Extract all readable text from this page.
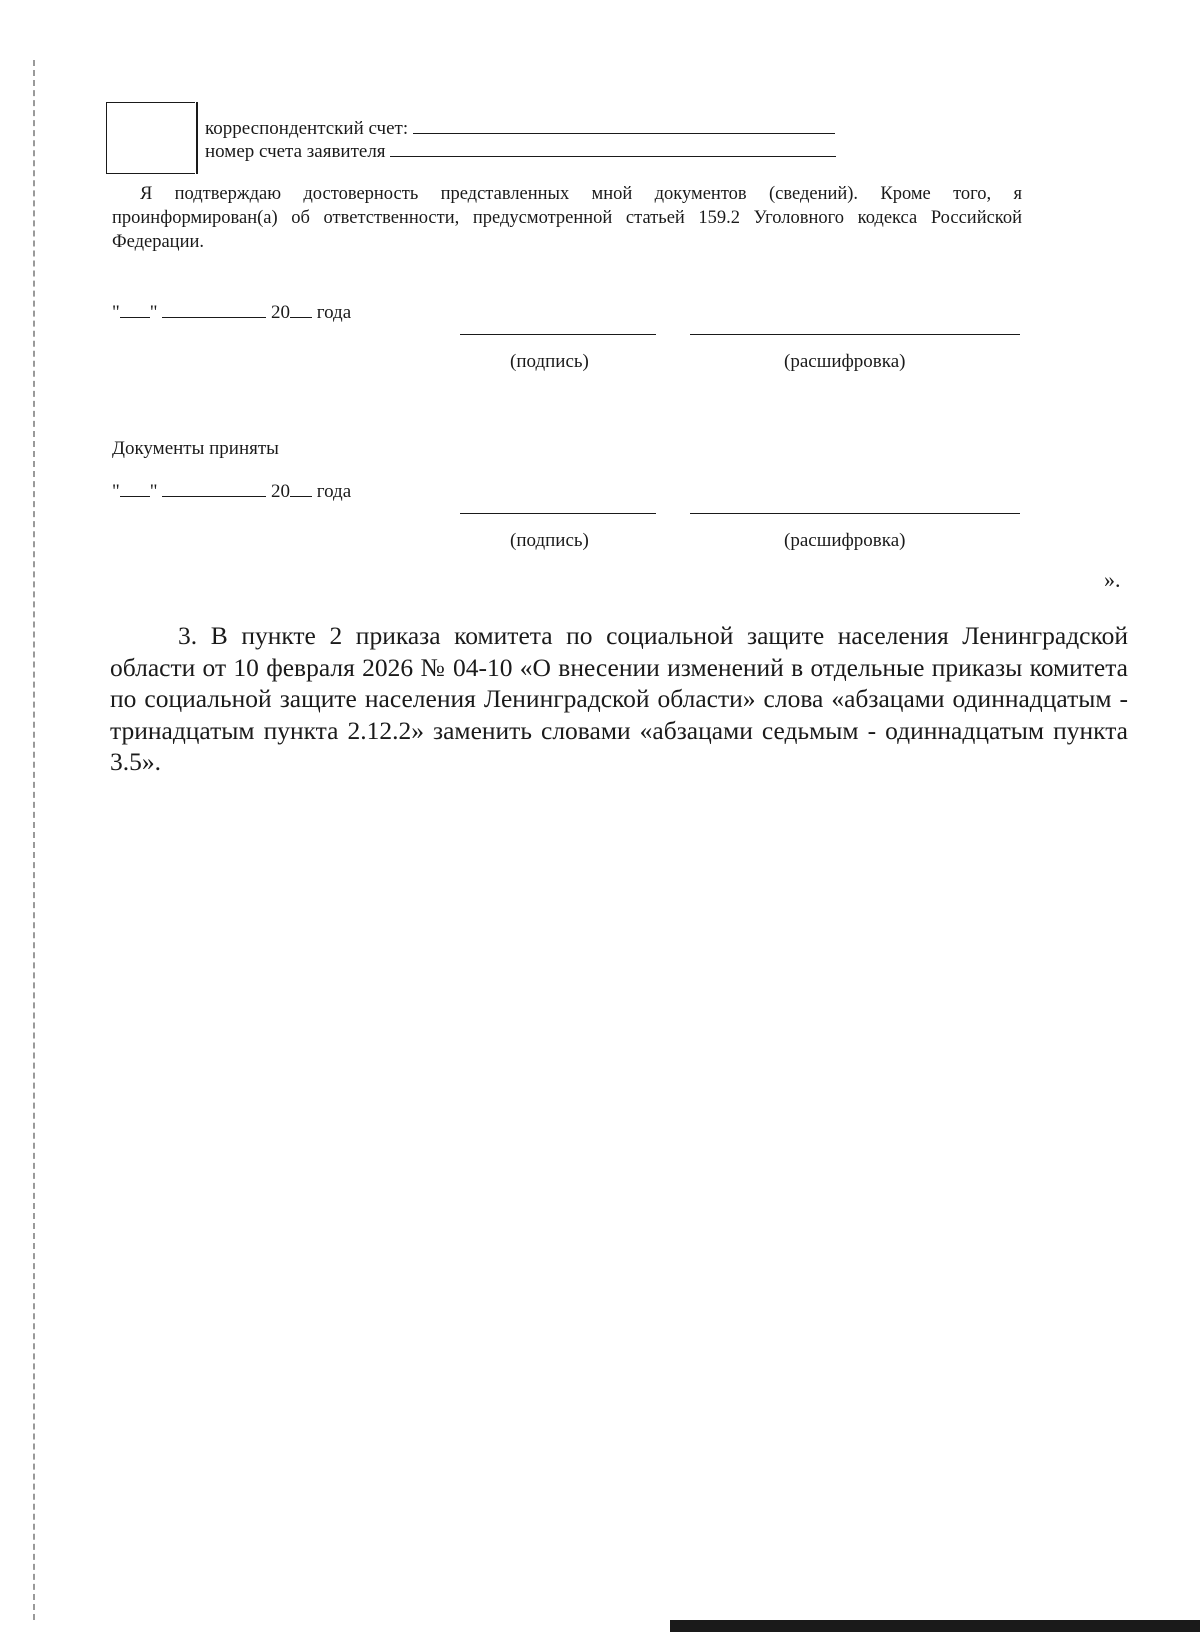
корреспондентский счет:
номер счета заявителя
Я подтверждаю достоверность представленных мной документов (сведений). Кроме того, я проинформирован(а) об ответственности, предусмотренной статьей 159.2 Уголовного кодекса Российской Федерации.
" "	20 года
(подпись)	(расшифровка)
Документы приняты
" "	20 года
(подпись)	(расшифровка)
».
3. В пункте 2 приказа комитета по социальной защите населения Ленинградской области от 10 февраля 2026 № 04-10 «О внесении изменений в отдельные приказы комитета по социальной защите населения Ленинградской области» слова «абзацами одиннадцатым - тринадцатым пункта 2.12.2» заменить словами «абзацами седьмым - одиннадцатым пункта 3.5».
